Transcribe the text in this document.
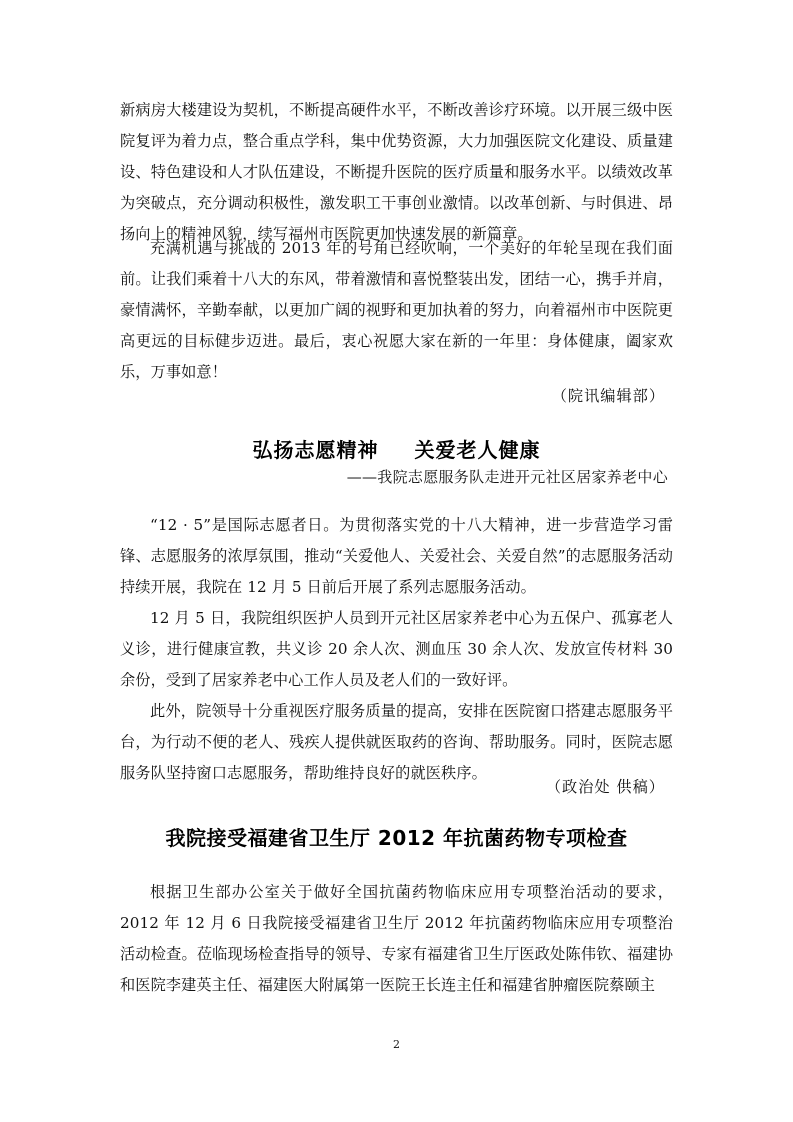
新病房大楼建设为契机，不断提高硬件水平，不断改善诊疗环境。以开展三级中医院复评为着力点，整合重点学科，集中优势资源，大力加强医院文化建设、质量建设、特色建设和人才队伍建设，不断提升医院的医疗质量和服务水平。以绩效改革为突破点，充分调动积极性，激发职工干事创业激情。以改革创新、与时俱进、昂扬向上的精神风貌，续写福州市医院更加快速发展的新篇章。

充满机遇与挑战的 2013 年的号角已经吹响，一个美好的年轮呈现在我们面前。让我们乘着十八大的东风，带着激情和喜悦整装出发，团结一心，携手并肩，豪情满怀，辛勤奉献，以更加广阔的视野和更加执着的努力，向着福州市中医院更高更远的目标健步迈进。最后，衷心祝愿大家在新的一年里：身体健康，阖家欢乐，万事如意！

（院讯编辑部）

弘扬志愿精神 关爱老人健康

——我院志愿服务队走进开元社区居家养老中心

“12 · 5”是国际志愿者日。为贯彻落实党的十八大精神，进一步营造学习雷锋、志愿服务的浓厚氛围，推动“关爱他人、关爱社会、关爱自然”的志愿服务活动持续开展，我院在 12 月 5 日前后开展了系列志愿服务活动。

12 月 5 日，我院组织医护人员到开元社区居家养老中心为五保户、孤寡老人义诊，进行健康宣教，共义诊 20 余人次、测血压 30 余人次、发放宣传材料 30 余份，受到了居家养老中心工作人员及老人们的一致好评。

此外，院领导十分重视医疗服务质量的提高，安排在医院窗口搭建志愿服务平台，为行动不便的老人、残疾人提供就医取药的咨询、帮助服务。同时，医院志愿服务队坚持窗口志愿服务，帮助维持良好的就医秩序。

（政治处 供稿）

我院接受福建省卫生厅 2012 年抗菌药物专项检查

根据卫生部办公室关于做好全国抗菌药物临床应用专项整治活动的要求，2012 年 12 月 6 日我院接受福建省卫生厅 2012 年抗菌药物临床应用专项整治活动检查。莅临现场检查指导的领导、专家有福建省卫生厅医政处陈伟钦、福建协和医院李建英主任、福建医大附属第一医院王长连主任和福建省肿瘤医院蔡颐主

2
